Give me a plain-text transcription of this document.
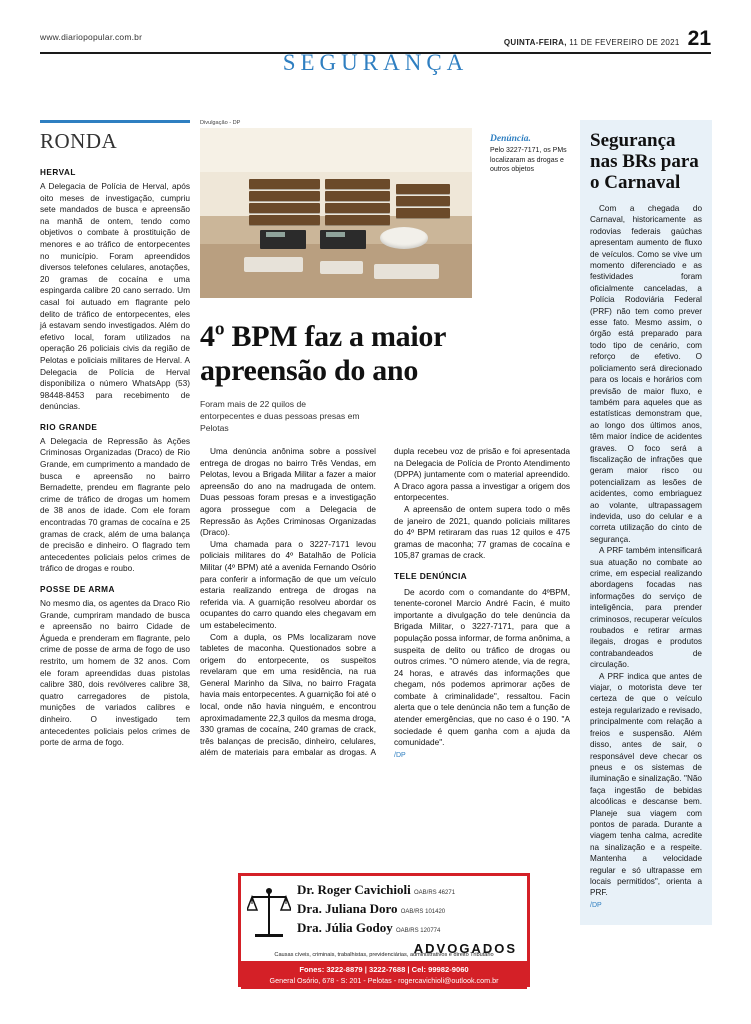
www.diariopopular.com.br
QUINTA-FEIRA, 11 DE FEVEREIRO DE 2021 21
SEGURANÇA
RONDA
HERVAL

A Delegacia de Polícia de Herval, após oito meses de investigação, cumpriu sete mandados de busca e apreensão na manhã de ontem, tendo como objetivos o combate à prostituição de menores e ao tráfico de entorpecentes no município. Foram apreendidos diversos telefones celulares, anotações, 20 gramas de cocaína e uma espingarda calibre 20 cano serrado. Um casal foi autuado em flagrante pelo delito de tráfico de entorpecentes, eles já estavam sendo investigados. Além do efetivo local, foram utilizados na operação 26 policiais civis da região de Pelotas e policiais militares de Herval. A Delegacia de Polícia de Herval disponibiliza o número WhatsApp (53) 98448-8453 para recebimento de denúncias.

RIO GRANDE

A Delegacia de Repressão às Ações Criminosas Organizadas (Draco) de Rio Grande, em cumprimento a mandado de busca e apreensão no bairro Bernadette, prendeu em flagrante pelo crime de tráfico de drogas um homem de 38 anos de idade. Com ele foram encontradas 70 gramas de cocaína e 25 gramas de crack, além de uma balança de precisão e dinheiro. O flagrado tem antecedentes policiais pelos crimes de tráfico de drogas e roubo.

POSSE DE ARMA

No mesmo dia, os agentes da Draco Rio Grande, cumpriram mandado de busca e apreensão no bairro Cidade de Águeda e prenderam em flagrante, pelo crime de posse de arma de fogo de uso restrito, um homem de 32 anos. Com ele foram apreendidas duas pistolas calibre 380, dois revólveres calibre 38, quatro carregadores de pistola, munições de variados calibres e dinheiro. O investigado tem antecedentes policiais pelos crimes de porte de arma de fogo.

Divulgação - DP
Denúncia.
Pelo 3227-7171, os PMs localizaram as drogas e outros objetos
4º BPM faz a maior apreensão do ano
Foram mais de 22 quilos de entorpecentes e duas pessoas presas em Pelotas

Uma denúncia anônima sobre a possível entrega de drogas no bairro Três Vendas, em Pelotas, levou a Brigada Militar a fazer a maior apreensão do ano na madrugada de ontem. Duas pessoas foram presas e a investigação agora prossegue com a Delegacia de Repressão às Ações Criminosas Organizadas (Draco).

Uma chamada para o 3227-7171 levou policiais militares do 4º Batalhão de Polícia Militar (4º BPM) até a avenida Fernando Osório para conferir a informação de que um veículo estaria realizando entrega de drogas na referida via. A guarnição resolveu abordar os ocupantes do carro quando eles chegavam em um estabelecimento.

Com a dupla, os PMs localizaram nove tabletes de maconha. Questionados sobre a origem do entorpecente, os suspeitos revelaram que em uma residência, na rua General Marinho da Silva, no bairro Fragata havia mais entorpecentes. A guarnição foi até o local, onde não havia ninguém, e encontrou aproximadamente 22,3 quilos da mesma droga, 330 gramas de cocaína, 240 gramas de crack, três balanças de precisão, dinheiro, celulares, além de materiais para embalar as drogas. A dupla recebeu voz de prisão e foi apresentada na Delegacia de Polícia de Pronto Atendimento (DPPA) juntamente com o material apreendido. A Draco agora passa a investigar a origem dos entorpecentes.

A apreensão de ontem supera todo o mês de janeiro de 2021, quando policiais militares do 4º BPM retiraram das ruas 12 quilos e 475 gramas de maconha; 77 gramas de cocaína e 105,87 gramas de crack.

TELE DENÚNCIA

De acordo com o comandante do 4ºBPM, tenente-coronel Marcio André Facin, é muito importante a divulgação do tele denúncia da Brigada Militar, o 3227-7171, para que a população possa informar, de forma anônima, a suspeita de delito ou tráfico de drogas ou outros crimes. "O número atende, via de regra, 24 horas, e através das informações que chegam, nós podemos aprimorar ações de combate à criminalidade", ressaltou. Facin alerta que o tele denúncia não tem a função de atender emergências, que no caso é o 190. "A sociedade é quem ganha com a ajuda da comunidade".

/DP

Segurança nas BRs para o Carnaval

Com a chegada do Carnaval, historicamente as rodovias federais gaúchas apresentam aumento de fluxo de veículos. Como se vive um momento diferenciado e as festividades foram oficialmente canceladas, a Polícia Rodoviária Federal (PRF) não tem como prever esse fato. Mesmo assim, o órgão está preparado para todo tipo de cenário, com reforço de efetivo. O policiamento será direcionado para os locais e horários com previsão de maior fluxo, e também para aqueles que as estatísticas demonstram que, ao longo dos últimos anos, têm maior índice de acidentes graves. O foco será a fiscalização de infrações que geram maior risco ou potencializam as lesões de acidentes, como embriaguez ao volante, ultrapassagem indevida, uso do celular e a correta utilização do cinto de segurança.

A PRF também intensificará sua atuação no combate ao crime, em especial realizando abordagens focadas nas informações do serviço de inteligência, para prender criminosos, recuperar veículos roubados e retirar armas ilegais, drogas e produtos contrabandeados de circulação.

A PRF indica que antes de viajar, o motorista deve ter certeza de que o veículo esteja regularizado e revisado, principalmente com relação a freios e suspensão. Além disso, antes de sair, o responsável deve checar os pneus e os sistemas de iluminação e sinalização. "Não faça ingestão de bebidas alcoólicas e descanse bem. Planeje sua viagem com pontos de parada. Durante a viagem tenha calma, acredite na sinalização e a respeite. Mantenha a velocidade regular e só ultrapasse em locais permitidos", orienta a PRF.

/DP

Dr. Roger Cavichioli OAB/RS 46271
Dra. Juliana Doro OAB/RS 101420
Dra. Júlia Godoy OAB/RS 120774
ADVOGADOS
Causas cíveis, criminais, trabalhistas, previdenciárias, administrativos e direito Tributário
Fones: 3222-8879 | 3222-7688 | Cel: 99982-9060
General Osório, 678 - S: 201 - Pelotas - rogercavichioli@outlook.com.br
